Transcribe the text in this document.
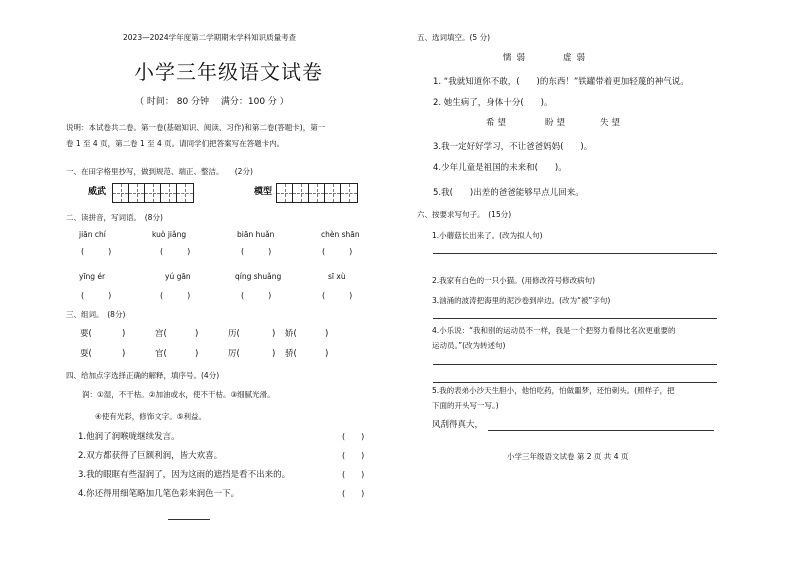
2023—2024学年度第二学期期末学科知识质量考查
小学三年级语文试卷
（ 时间： 80 分钟　 满分：100 分 ）
说明：本试卷共二卷。第一卷(基础知识、阅读、习作)和第二卷(答题卡)，第一
卷 1 至 4 页，第二卷 1 至 4 页。请同学们把答案写在答题卡内。
一、在田字格里抄写，做到规范、端正、整洁。　　(2分)
威武	模型
二、读拼音，写词语。　(8分)
jiān chí	kuò jiǎng	biān huǎn	chèn shān
(　　　)	(　　　)	(　　　)	(　　　)
yīng ér	yú gān	qíng shuǎng	sī xù
(　　　)	(　　　)	(　　　)	(　　　)
三、组词。　(8分)
要(	)	宫(	)	历(	) 娇(	)
耍(	)	官(	)	厉(	) 骄(	)
四、给加点字选择正确的解释，填序号。(4分)
润：①湿，不干枯。②加油或水，使不干枯。③细腻光滑。
④使有光彩，修饰文字。⑤利益。
1.他润了润喉咙继续发言。	(　　)
2.双方都获得了巨额利润，皆大欢喜。	(　　)
3.我的眼眶有些湿润了，因为这雨的遮挡是看不出来的。	(　　)
4.你还得用细笔略加几笔色彩来润色一下。	(　　)
五、选词填空。(5 分)
懦弱	虚弱
1. “我就知道你不敢，(　　)的东西！”铁罐带着更加轻蔑的神气说。
2. 她生病了，身体十分(　　)。
希望	盼望	失望
3.我一定好好学习，不让爸爸妈妈(　　)。
4.少年儿童是祖国的未来和(　　)。
5.我(　　)出差的爸爸能够早点儿回来。
六、按要求写句子。　(15分)
1.小蘑菇长出来了。(改为拟人句)
2.我家有白色的一只小猫。(用修改符号修改病句)
3.汹涌的波涛把海里的泥沙卷到岸边。(改为“被”字句)
4.小乐说：“我和别的运动员不一样，我是一个把努力看得比名次更重要的
运动员。”(改为转述句)
5.我的表弟小沙天生胆小，他怕吃药，怕做噩梦，还怕刺头。(照样子，把
下面的开头写一写。)
风刮得真大，
小学三年级语文试卷 第 2 页 共 4 页
